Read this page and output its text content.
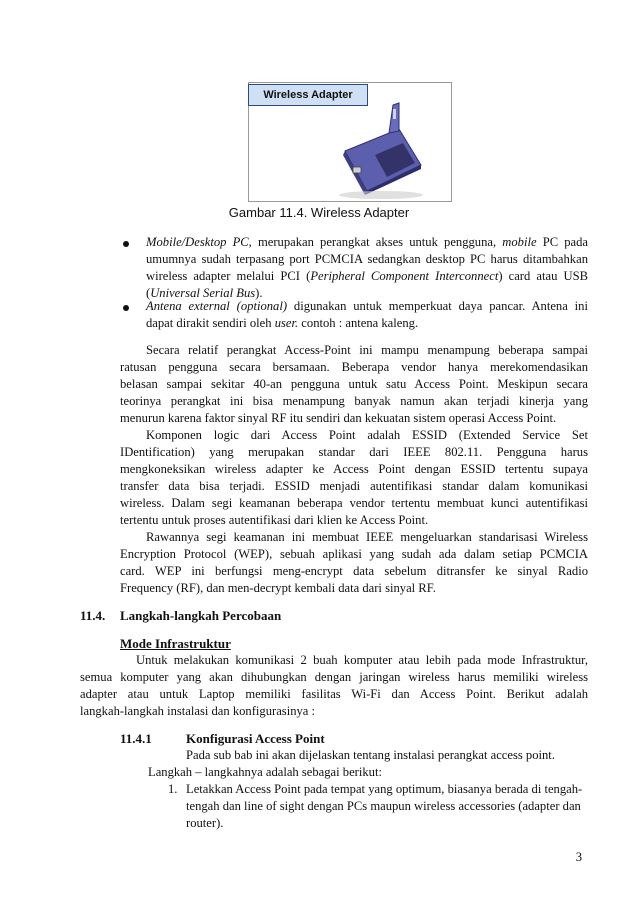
Wireless Adapter
Gambar 11.4. Wireless Adapter
Mobile/Desktop PC, merupakan perangkat akses untuk pengguna, mobile PC pada
umumnya sudah terpasang port PCMCIA sedangkan desktop PC harus ditambahkan
wireless adapter melalui PCI (Peripheral Component Interconnect) card atau USB
(Universal Serial Bus).
Antena external (optional) digunakan untuk memperkuat daya pancar. Antena ini
dapat dirakit sendiri oleh user. contoh : antena kaleng.
Secara relatif perangkat Access-Point ini mampu menampung beberapa sampai
ratusan pengguna secara bersamaan. Beberapa vendor hanya merekomendasikan
belasan sampai sekitar 40-an pengguna untuk satu Access Point. Meskipun secara
teorinya perangkat ini bisa menampung banyak namun akan terjadi kinerja yang
menurun karena faktor sinyal RF itu sendiri dan kekuatan sistem operasi Access Point.
Komponen logic dari Access Point adalah ESSID (Extended Service Set
IDentification) yang merupakan standar dari IEEE 802.11. Pengguna harus
mengkoneksikan wireless adapter ke Access Point dengan ESSID tertentu supaya
transfer data bisa terjadi. ESSID menjadi autentifikasi standar dalam komunikasi
wireless. Dalam segi keamanan beberapa vendor tertentu membuat kunci autentifikasi
tertentu untuk proses autentifikasi dari klien ke Access Point.
Rawannya segi keamanan ini membuat IEEE mengeluarkan standarisasi Wireless
Encryption Protocol (WEP), sebuah aplikasi yang sudah ada dalam setiap PCMCIA
card. WEP ini berfungsi meng-encrypt data sebelum ditransfer ke sinyal Radio
Frequency (RF), dan men-decrypt kembali data dari sinyal RF.
11.4. Langkah-langkah Percobaan
Mode Infrastruktur
Untuk melakukan komunikasi 2 buah komputer atau lebih pada mode Infrastruktur,
semua komputer yang akan dihubungkan dengan jaringan wireless harus memiliki wireless
adapter atau untuk Laptop memiliki fasilitas Wi-Fi dan Access Point. Berikut adalah
langkah-langkah instalasi dan konfigurasinya :
11.4.1	Konfigurasi Access Point
Pada sub bab ini akan dijelaskan tentang instalasi perangkat access point.
Langkah – langkahnya adalah sebagai berikut:
1. Letakkan Access Point pada tempat yang optimum, biasanya berada di tengah-
tengah dan line of sight dengan PCs maupun wireless accessories (adapter dan
router).
3
